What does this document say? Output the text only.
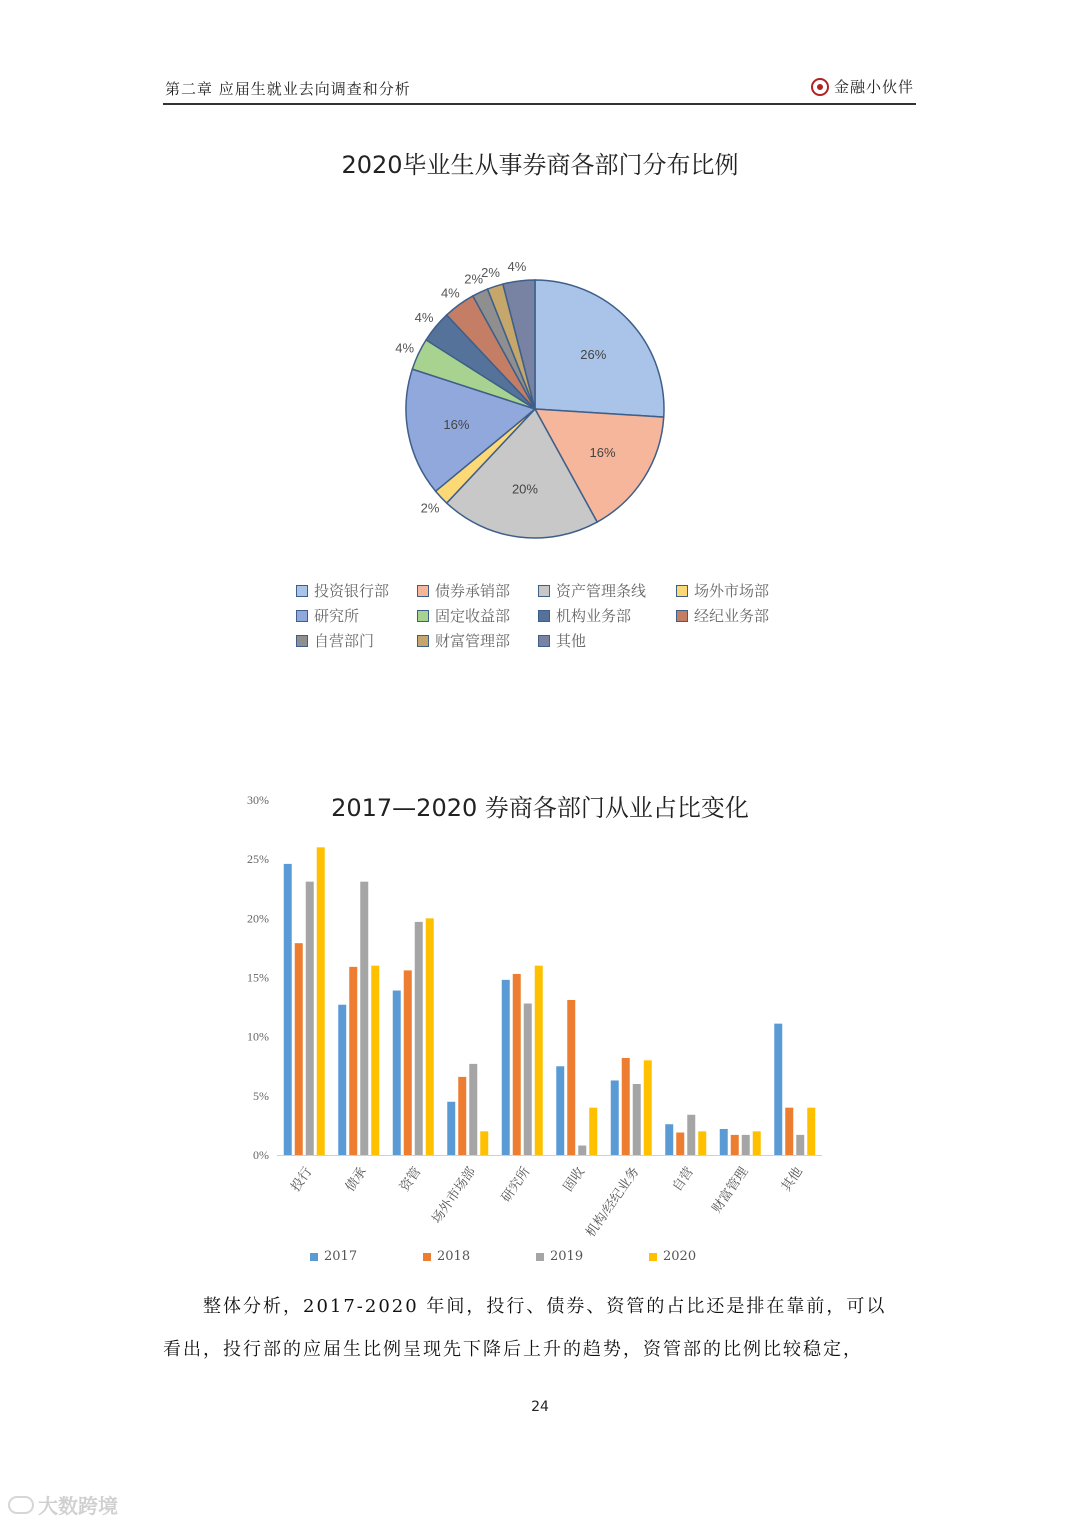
第二章 应届生就业去向调查和分析	金融小伙伴
2020毕业生从事券商各部门分布比例
26%
16%
20%
2%
16%
4%
4%
4%
2%
2% 4%
投资银行部	债券承销部	资产管理条线	场外市场部
研究所	固定收益部	机构业务部	经纪业务部
自营部门	财富管理部	其他
2017—2020 券商各部门从业占比变化
0%
5%
10%
15%
20%
25%
30%
投行 债承 资管 场外市场部 研究所 固收
机构/经纪业务 自营 财富管理 其他
2017	2018	2019	2020
整体分析，2017-2020 年间，投行、债券、资管的占比还是排在靠前，可以
看出，投行部的应届生比例呈现先下降后上升的趋势，资管部的比例比较稳定，
24
大数跨境
